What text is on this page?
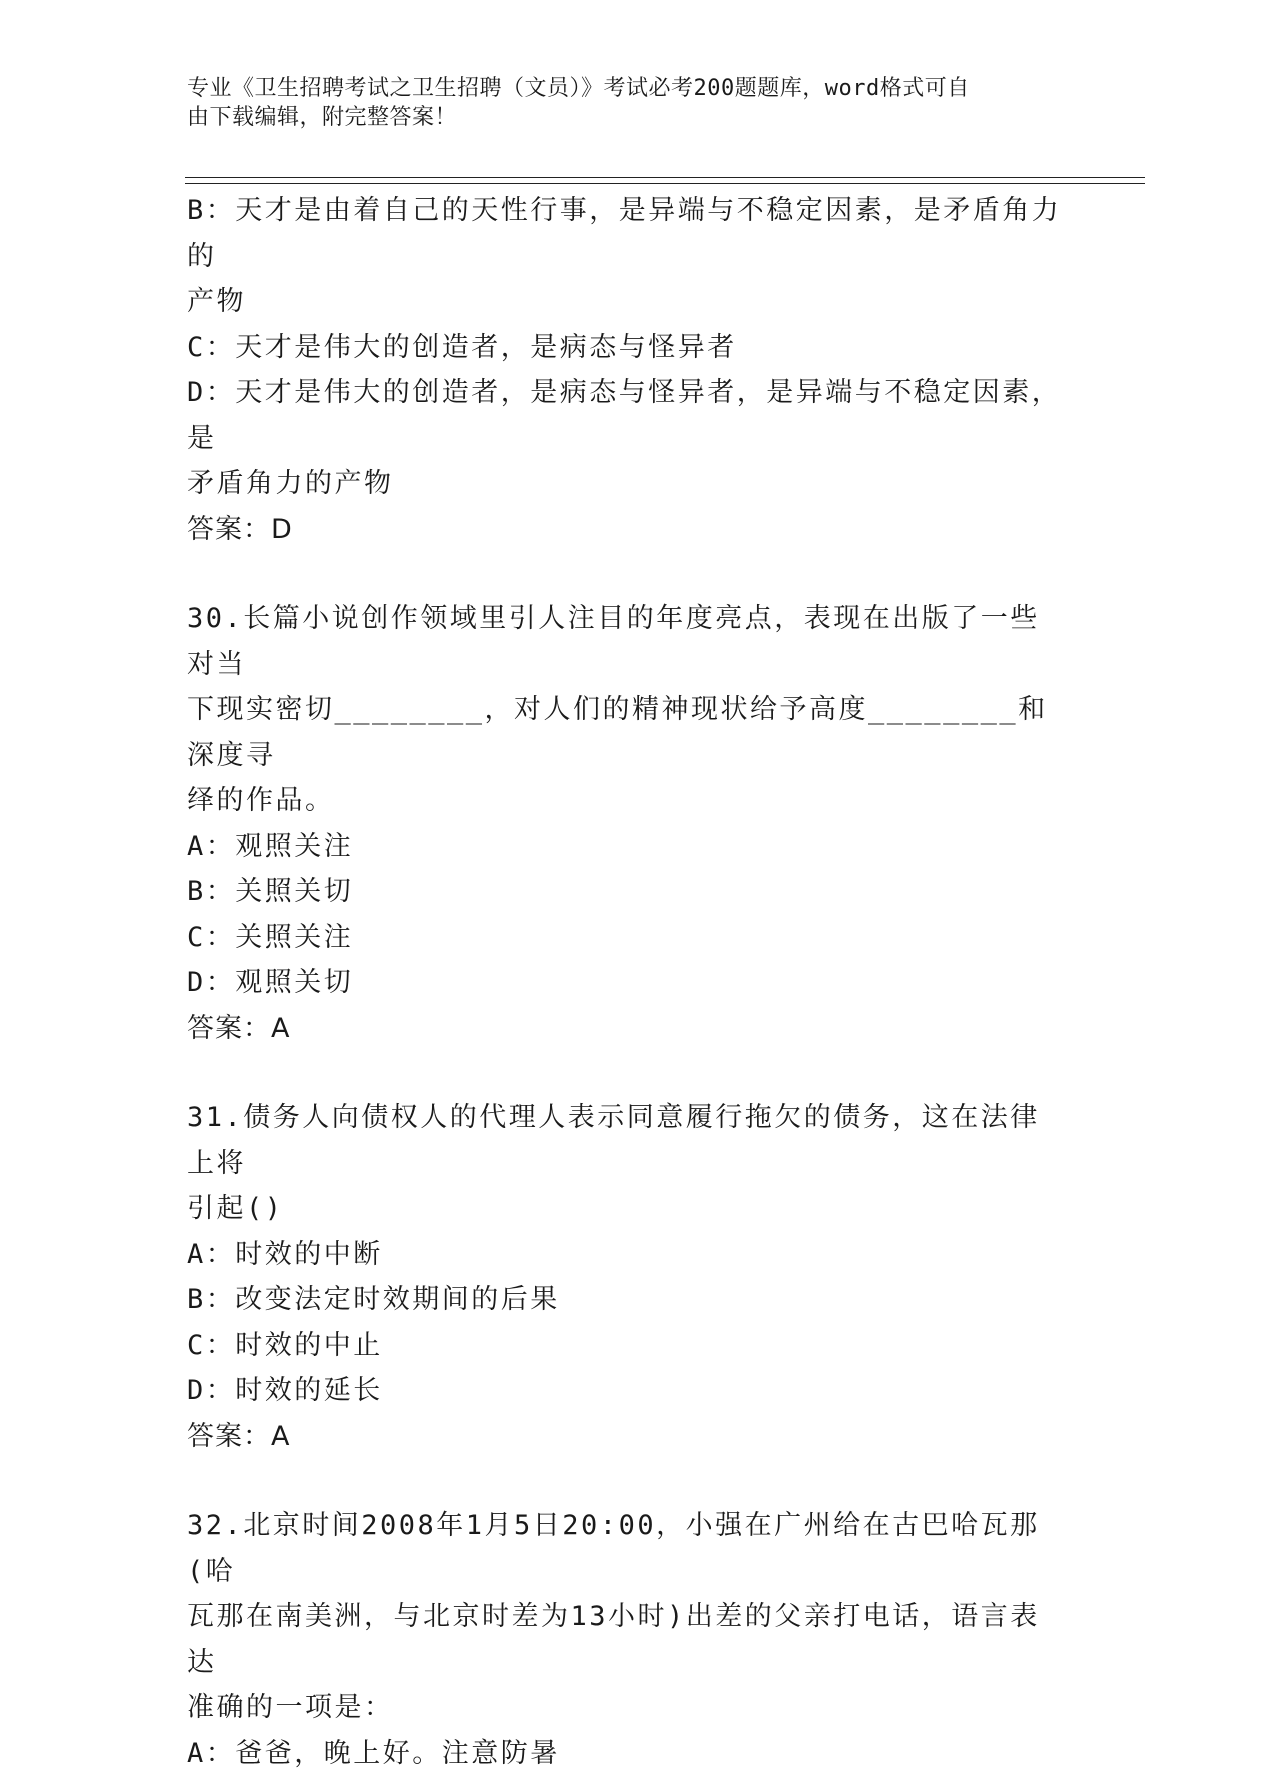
专业《卫生招聘考试之卫生招聘（文员）》考试必考200题题库，word格式可自
由下载编辑，附完整答案！
B：天才是由着自己的天性行事，是异端与不稳定因素，是矛盾角力的
产物
C：天才是伟大的创造者，是病态与怪异者
D：天才是伟大的创造者，是病态与怪异者，是异端与不稳定因素，是
矛盾角力的产物
答案：D
30.长篇小说创作领域里引人注目的年度亮点，表现在出版了一些对当
下现实密切________，对人们的精神现状给予高度________和深度寻
绎的作品。
A：观照关注
B：关照关切
C：关照关注
D：观照关切
答案：A
31.债务人向债权人的代理人表示同意履行拖欠的债务，这在法律上将
引起()
A：时效的中断
B：改变法定时效期间的后果
C：时效的中止
D：时效的延长
答案：A
32.北京时间2008年1月5日20:00，小强在广州给在古巴哈瓦那(哈
瓦那在南美洲，与北京时差为13小时)出差的父亲打电话，语言表达
准确的一项是：
A：爸爸，晚上好。注意防暑
